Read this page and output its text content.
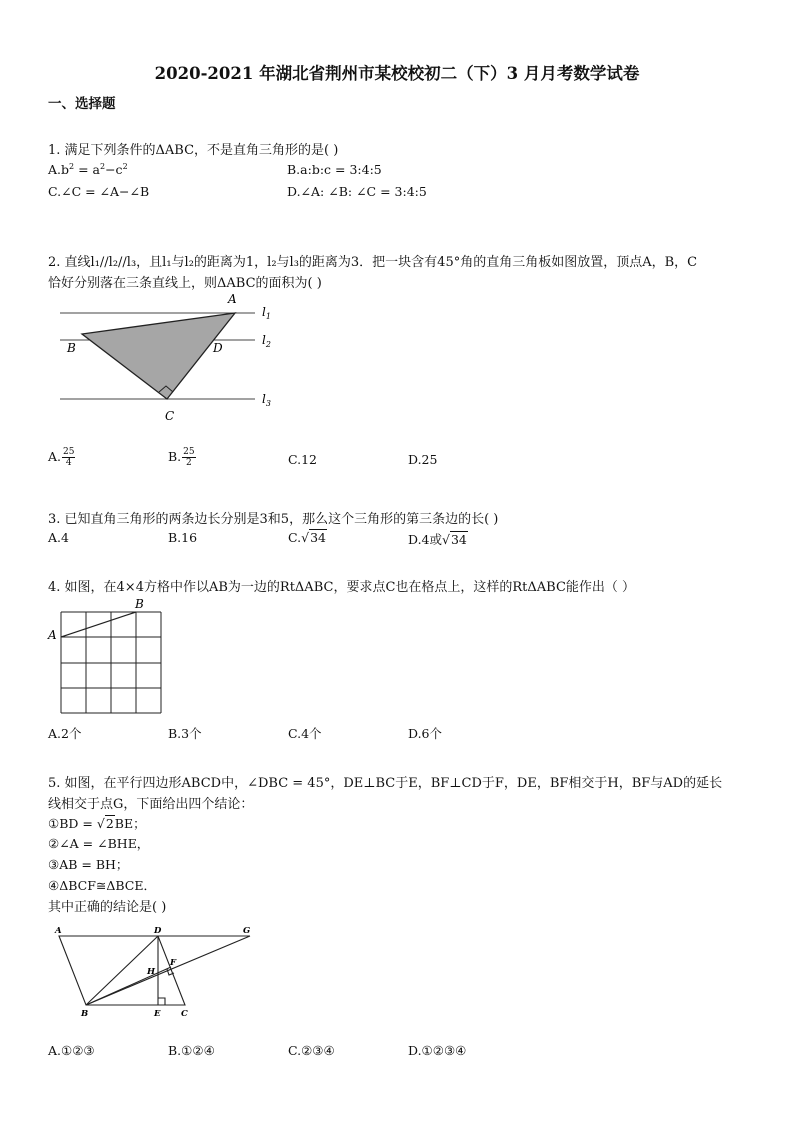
2020-2021 年湖北省荆州市某校校初二（下）3 月月考数学试卷
一、选择题
1. 满足下列条件的ΔABC，不是直角三角形的是( )
$A.b^2 = a^2-c^2$	B.a:b:c = 3:4:5
C.∠C = ∠A−∠B	D.∠A: ∠B: ∠C = 3:4:5
2. 直线l₁//l₂//l₃，且l₁与l₂的距离为1，l₂与l₃的距离为3．把一块含有45°角的直角三角板如图放置，顶点A，B，C
恰好分别落在三条直线上，则ΔABC的面积为( )
A
B	D
C
$l_1$
$l_2$
$l_3$
A. $\frac{25}{4}$	B. $\frac{25}{2}$	C.12	D.25
3. 已知直角三角形的两条边长分别是3和5，那么这个三角形的第三条边的长( )
A.4	B.16	C.√34	D.4或√34
4. 如图，在4×4方格中作以AB为一边的RtΔABC，要求点C也在格点上，这样的RtΔABC能作出（ ）
A
B
A.2个	B.3个	C.4个	D.6个
5. 如图，在平行四边形ABCD中，∠DBC = 45°，DE⊥BC于E，BF⊥CD于F，DE，BF相交于H，BF与AD的延长
线相交于点G，下面给出四个结论：
①BD = √2BE；
②∠A = ∠BHE，
③AB = BH；
④ΔBCF≅ΔBCE．
其中正确的结论是( )
A	D	G
F
H
B	E C
A.①②③	B.①②④	C.②③④	D.①②③④
